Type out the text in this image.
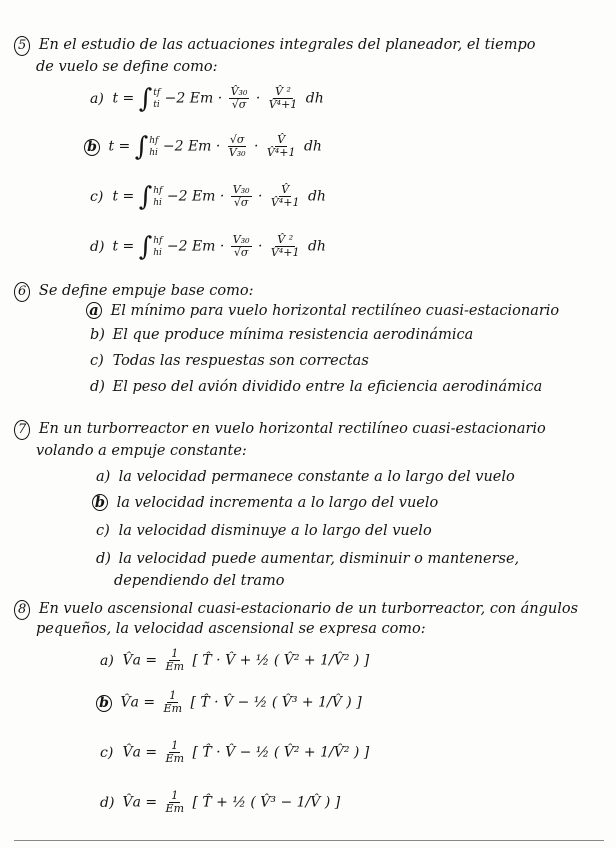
5 En el estudio de las actuaciones integrales del planeador, el tiempo
de vuelo se define como:
a) t = ∫ tf
ti −2 $Em \cdot \frac{\text{V̂₃₀}}{√\sigma} \cdot \frac{\text{V̂ ²}}{\text{V̂⁴+1}}$ dh
b t = ∫ hf
hi −2 $Em \cdot \frac{√\sigma}{\text{V₃₀}} \cdot \frac{V̂}{\text{V̂⁴+1}}$ dh
c) t = ∫ hf
hi −2 $Em \cdot \frac{\text{V₃₀}}{√\sigma} \cdot \frac{V̂}{\text{V̂⁴+1}}$ dh
d) t = ∫ hf
hi −2 $Em \cdot \frac{\text{V₃₀}}{√\sigma} \cdot \frac{\text{V̂ ²}}{\text{V̂⁴+1}}$ dh
6 Se define empuje base como:
a El mínimo para vuelo horizontal rectilíneo cuasi-estacionario
b) El que produce mínima resistencia aerodinámica
c) Todas las respuestas son correctas
d) El peso del avión dividido entre la eficiencia aerodinámica
7 En un turborreactor en vuelo horizontal rectilíneo cuasi-estacionario
volando a empuje constante:
a) la velocidad permanece constante a lo largo del vuelo
b la velocidad incrementa a lo largo del vuelo
c) la velocidad disminuye a lo largo del vuelo
d) la velocidad puede aumentar, disminuir o mantenerse,
dependiendo del tramo
8 En vuelo ascensional cuasi-estacionario de un turborreactor, con ángulos
pequeños, la velocidad ascensional se expresa como:
a) V̂a = $\frac{1}{Em}$ [ T̂ · V̂ + ½ ( V̂² + 1/V̂² ) ]
b V̂a = $\frac{1}{Em}$ [ T̂ · V̂ − ½ ( V̂³ + 1/V̂ ) ]
c) V̂a = $\frac{1}{Em}$ [ T̂ · V̂ − ½ ( V̂² + 1/V̂² ) ]
d) V̂a = $\frac{1}{Em}$ [ T̂ + ½ ( V̂³ − 1/V̂ ) ]
